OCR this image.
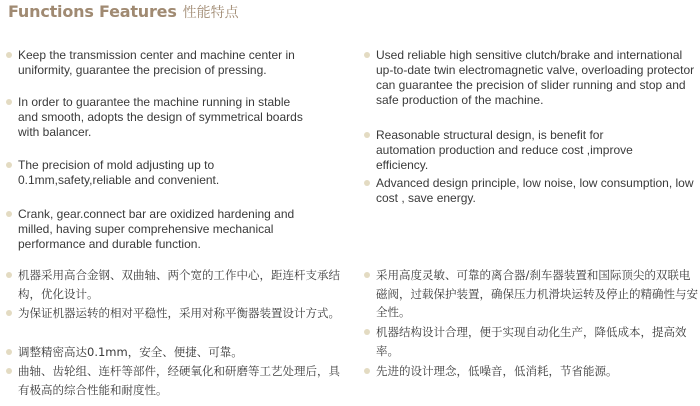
Functions Features 性能特点
Keep the transmission center and machine center in uniformity, guarantee the precision of pressing.
In order to guarantee the machine running in stable and smooth, adopts the design of symmetrical boards with balancer.
The precision of mold adjusting up to 0.1mm,safety,reliable and convenient.
Crank, gear.connect bar are oxidized hardening and milled, having super comprehensive mechanical performance and durable function.
Used reliable high sensitive clutch/brake and international up-to-date twin electromagnetic valve, overloading protector can guarantee the precision of slider running and stop and safe production of the machine.
Reasonable structural design, is benefit for automation production and reduce cost ,improve efficiency.
Advanced design principle, low noise, low consumption, low cost , save energy.
机器采用高合金钢、双曲轴、两个宽的工作中心，距连杆支承结构，优化设计。
为保证机器运转的相对平稳性，采用对称平衡器装置设计方式。
调整精密高达0.1mm，安全、便捷、可靠。
曲轴、齿轮组、连杆等部件，经硬氧化和研磨等工艺处理后，具有极高的综合性能和耐度性。
采用高度灵敏、可靠的离合器/刹车器装置和国际顶尖的双联电磁阀，过载保护装置，确保压力机滑块运转及停止的精确性与安全性。
机器结构设计合理，便于实现自动化生产，降低成本，提高效率。
先进的设计理念，低噪音，低消耗，节省能源。
